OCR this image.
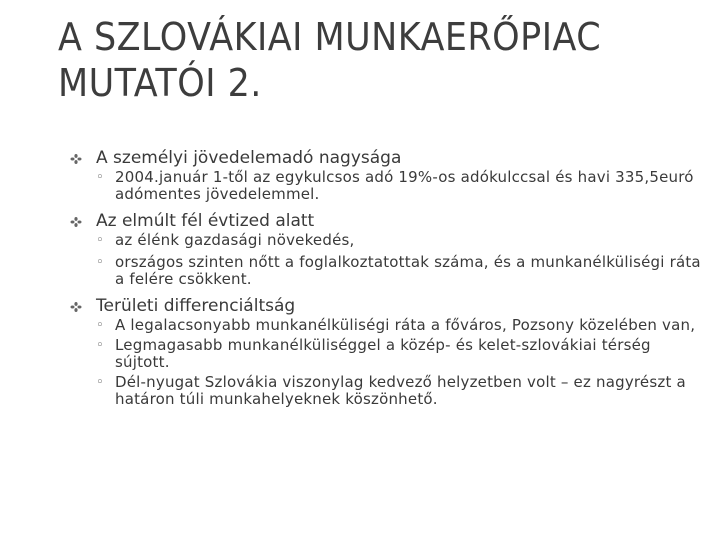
A SZLOVÁKIAI MUNKAERŐPIAC
MUTATÓI 2.
A személyi jövedelemadó nagysága
◦ 2004.január 1-től az egykulcsos adó 19%-os adókulccsal és havi 335,5euró adómentes jövedelemmel.
Az elmúlt fél évtized alatt
◦ az élénk gazdasági növekedés,
◦ országos szinten nőtt a foglalkoztatottak száma, és a munkanélküliségi ráta a felére csökkent.
Területi differenciáltság
◦ A legalacsonyabb munkanélküliségi ráta a főváros, Pozsony közelében van,
◦ Legmagasabb munkanélküliséggel a közép- és kelet-szlovákiai térség sújtott.
◦ Dél-nyugat Szlovákia viszonylag kedvező helyzetben volt – ez nagyrészt a határon túli munkahelyeknek köszönhető.
